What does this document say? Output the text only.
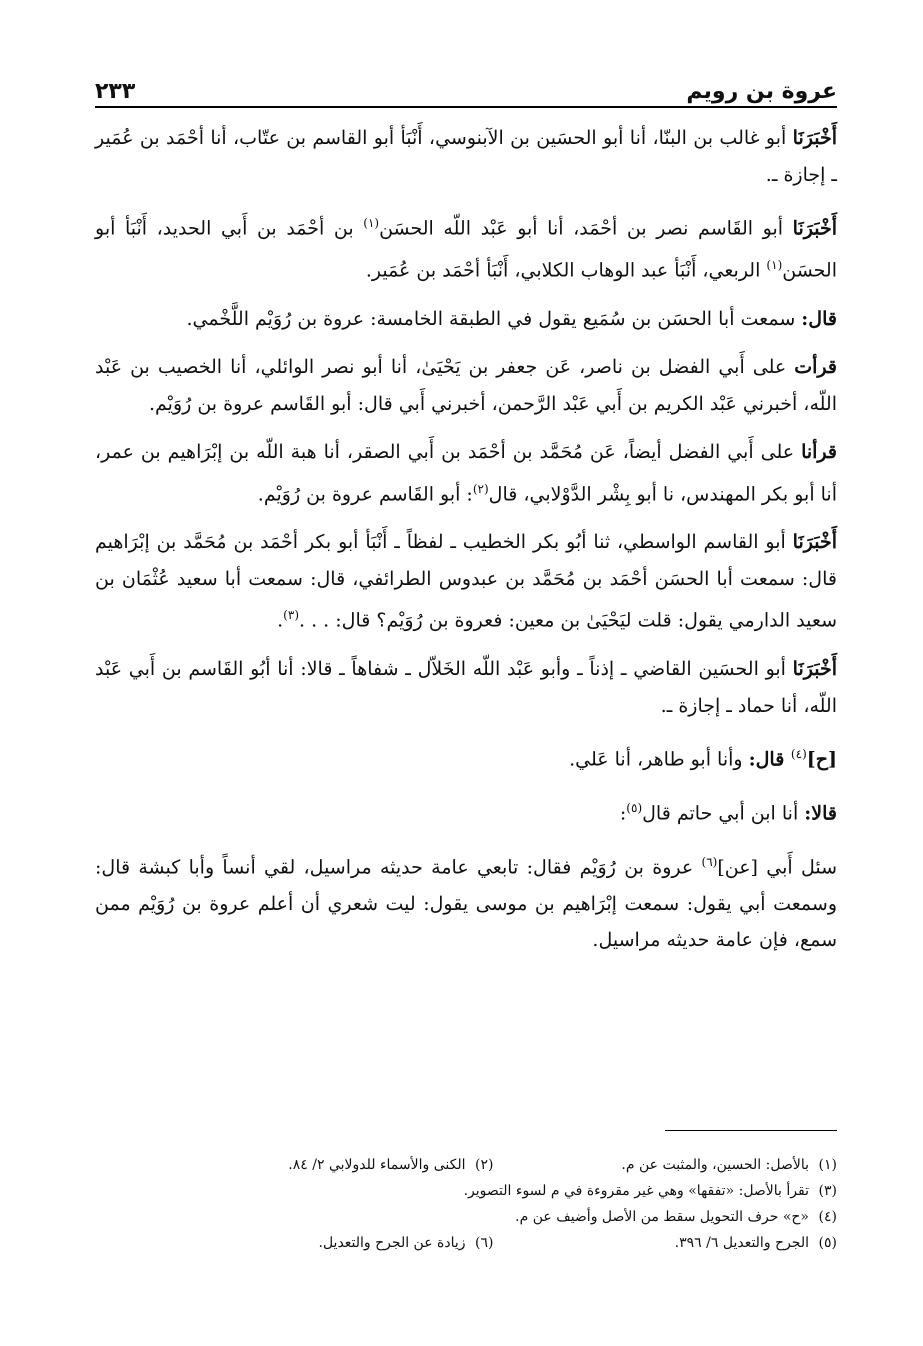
عروة بن رويم
٢٣٣

أَخْبَرَنَا أبو غالب بن البنّا، أنا أبو الحسَين بن الآبنوسي، أَنْبَأ أبو القاسم بن عتّاب، أنا أحْمَد بن عُمَير ـ إجازة ـ.

أَخْبَرَنَا أبو القَاسم نصر بن أحْمَد، أنا أبو عَبْد اللّه الحسَن$^{(١)}$ بن أحْمَد بن أَبي الحديد، أَنْبَأ أبو الحسَن$^{(١)}$ الربعي، أَنْبَأ عبد الوهاب الكلابي، أَنْبَأ أحْمَد بن عُمَير.

قال: سمعت أبا الحسَن بن سُمَيع يقول في الطبقة الخامسة: عروة بن رُوَيْم اللَّخْمي.

قرأت على أَبي الفضل بن ناصر، عَن جعفر بن يَحْيَىٰ، أنا أبو نصر الوائلي، أنا الخصيب بن عَبْد اللّه، أخبرني عَبْد الكريم بن أَبي عَبْد الرَّحمن، أخبرني أَبي قال: أبو القَاسم عروة بن رُوَيْم.

قرأنا على أَبي الفضل أيضاً، عَن مُحَمَّد بن أحْمَد بن أَبي الصقر، أنا هبة اللّه بن إبْرَاهيم بن عمر، أنا أبو بكر المهندس، نا أبو بِشْر الدَّوْلابي، قال$^{(٢)}$: أبو القَاسم عروة بن رُوَيْم.

أَخْبَرَنَا أبو القاسم الواسطي، ثنا أبُو بكر الخطيب ـ لفظاً ـ أَنْبَأ أبو بكر أحْمَد بن مُحَمَّد بن إبْرَاهيم قال: سمعت أبا الحسَن أحْمَد بن مُحَمَّد بن عبدوس الطرائفي، قال: سمعت أبا سعيد عُثْمَان بن سعيد الدارمي يقول: قلت ليَحْيَىٰ بن معين: فعروة بن رُوَيْم؟ قال: . . .$^{(٣)}$.

أَخْبَرَنَا أبو الحسَين القاضي ـ إذناً ـ وأبو عَبْد اللّه الخَلاّل ـ شفاهاً ـ قالا: أنا أبُو القَاسم بن أَبي عَبْد اللّه، أنا حماد ـ إجازة ـ.

[ح]$^{(٤)}$ قال: وأنا أبو طاهر، أنا عَلي.

قالا: أنا ابن أبي حاتم قال$^{(٥)}$:

سئل أَبي [عن]$^{(٦)}$ عروة بن رُوَيْم فقال: تابعي عامة حديثه مراسيل، لقي أنساً وأبا كبشة قال: وسمعت أبي يقول: سمعت إبْرَاهيم بن موسى يقول: ليت شعري أن أعلم عروة بن رُوَيْم ممن سمع، فإن عامة حديثه مراسيل.

(١)بالأصل: الحسين، والمثبت عن م.
(٢)الكنى والأسماء للدولابي ٢/ ٨٤.
(٣)تقرأ بالأصل: «تفقها» وهي غير مقروءة في م لسوء التصوير.
(٤)«ح» حرف التحويل سقط من الأصل وأضيف عن م.
(٥)الجرح والتعديل ٦/ ٣٩٦.
(٦)زيادة عن الجرح والتعديل.
